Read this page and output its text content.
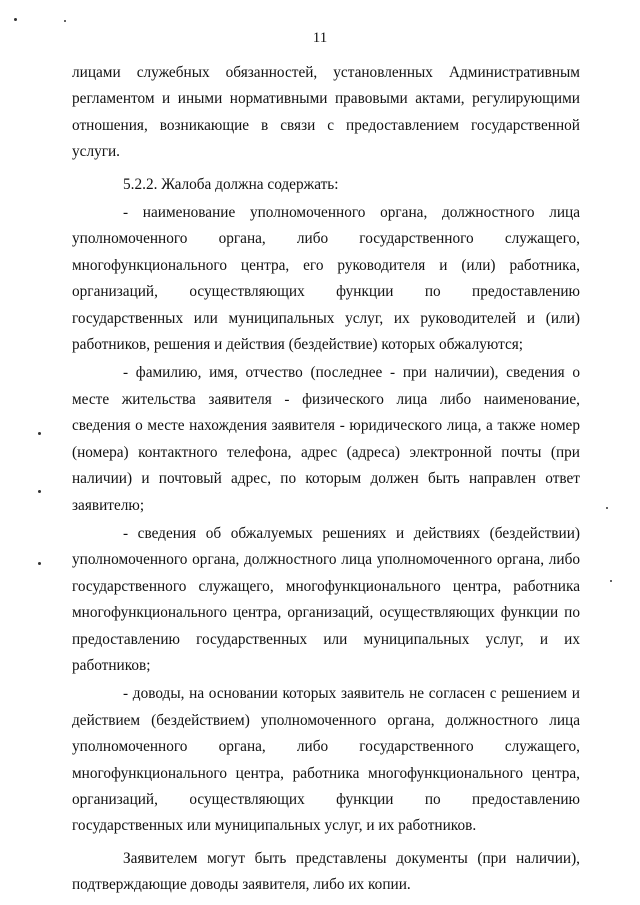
11

лицами служебных обязанностей, установленных Административным регламентом и иными нормативными правовыми актами, регулирующими отношения, возникающие в связи с предоставлением государственной услуги.

5.2.2. Жалоба должна содержать:

- наименование уполномоченного органа, должностного лица уполномоченного органа, либо государственного служащего, многофункционального центра, его руководителя и (или) работника, организаций, осуществляющих функции по предоставлению государственных или муниципальных услуг, их руководителей и (или) работников, решения и действия (бездействие) которых обжалуются;

- фамилию, имя, отчество (последнее - при наличии), сведения о месте жительства заявителя - физического лица либо наименование, сведения о месте нахождения заявителя - юридического лица, а также номер (номера) контактного телефона, адрес (адреса) электронной почты (при наличии) и почтовый адрес, по которым должен быть направлен ответ заявителю;

- сведения об обжалуемых решениях и действиях (бездействии) уполномоченного органа, должностного лица уполномоченного органа, либо государственного служащего, многофункционального центра, работника многофункционального центра, организаций, осуществляющих функции по предоставлению государственных или муниципальных услуг, и их работников;

- доводы, на основании которых заявитель не согласен с решением и действием (бездействием) уполномоченного органа, должностного лица уполномоченного органа, либо государственного служащего, многофункционального центра, работника многофункционального центра, организаций, осуществляющих функции по предоставлению государственных или муниципальных услуг, и их работников.

Заявителем могут быть представлены документы (при наличии), подтверждающие доводы заявителя, либо их копии.
